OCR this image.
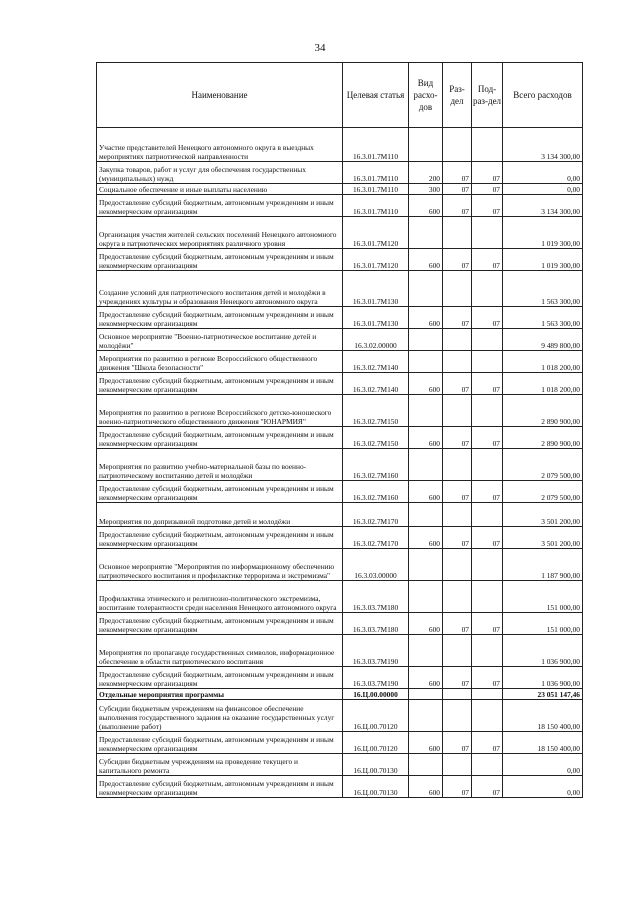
34
Наименование	Целевая статья	Вид расхо-дов	Раз-дел	Под-раз-дел	Всего расходов
Участие представителей Ненецкого автономного округа в выездных мероприятиях патриотической направленности	16.3.01.7М110				3 134 300,00
Закупка товаров, работ и услуг для обеспечения государственных (муниципальных) нужд	16.3.01.7М110	200	07	07	0,00
Социальное обеспечение и иные выплаты населению	16.3.01.7М110	300	07	07	0,00
Предоставление субсидий бюджетным, автономным учреждениям и иным некоммерческим организациям	16.3.01.7М110	600	07	07	3 134 300,00
Организация участия жителей сельских поселений Ненецкого автономного округа в патриотических мероприятиях различного уровня	16.3.01.7М120				1 019 300,00
Предоставление субсидий бюджетным, автономным учреждениям и иным некоммерческим организациям	16.3.01.7М120	600	07	07	1 019 300,00
Создание условий для патриотического воспитания детей и молодёжи в учреждениях культуры и образования Ненецкого автономного округа	16.3.01.7М130				1 563 300,00
Предоставление субсидий бюджетным, автономным учреждениям и иным некоммерческим организациям	16.3.01.7М130	600	07	07	1 563 300,00
Основное мероприятие "Военно-патриотическое воспитание детей и молодёжи"	16.3.02.00000				9 489 800,00
Мероприятия по развитию в регионе Всероссийского общественного движения "Школа безопасности"	16.3.02.7М140				1 018 200,00
Предоставление субсидий бюджетным, автономным учреждениям и иным некоммерческим организациям	16.3.02.7М140	600	07	07	1 018 200,00
Мероприятия по развитию в регионе Всероссийского детско-юношеского военно-патриотического общественного движения "ЮНАРМИЯ"	16.3.02.7М150				2 890 900,00
Предоставление субсидий бюджетным, автономным учреждениям и иным некоммерческим организациям	16.3.02.7М150	600	07	07	2 890 900,00
Мероприятия по развитию учебно-материальной базы по военно-патриотическому воспитанию детей и молодёжи	16.3.02.7М160				2 079 500,00
Предоставление субсидий бюджетным, автономным учреждениям и иным некоммерческим организациям	16.3.02.7М160	600	07	07	2 079 500,00
Мероприятия по допризывной подготовке детей и молодёжи	16.3.02.7М170				3 501 200,00
Предоставление субсидий бюджетным, автономным учреждениям и иным некоммерческим организациям	16.3.02.7М170	600	07	07	3 501 200,00
Основное мероприятие "Мероприятия по информационному обеспечению патриотического воспитания и профилактике терроризма и экстремизма"	16.3.03.00000				1 187 900,00
Профилактика этнического и религиозно-политического экстремизма, воспитание толерантности среди населения Ненецкого автономного округа	16.3.03.7М180				151 000,00
Предоставление субсидий бюджетным, автономным учреждениям и иным некоммерческим организациям	16.3.03.7М180	600	07	07	151 000,00
Мероприятия по пропаганде государственных символов, информационное обеспечение в области патриотического воспитания	16.3.03.7М190				1 036 900,00
Предоставление субсидий бюджетным, автономным учреждениям и иным некоммерческим организациям	16.3.03.7М190	600	07	07	1 036 900,00
Отдельные мероприятия программы	16.Ц.00.00000				23 051 147,46
Субсидии бюджетным учреждениям на финансовое обеспечение выполнения государственного задания на оказание государственных услуг (выполнение работ)	16.Ц.00.70120				18 150 400,00
Предоставление субсидий бюджетным, автономным учреждениям и иным некоммерческим организациям	16.Ц.00.70120	600	07	07	18 150 400,00
Субсидии бюджетным учреждениям на проведение текущего и капитального ремонта	16.Ц.00.70130				0,00
Предоставление субсидий бюджетным, автономным учреждениям и иным некоммерческим организациям	16.Ц.00.70130	600	07	07	0,00
